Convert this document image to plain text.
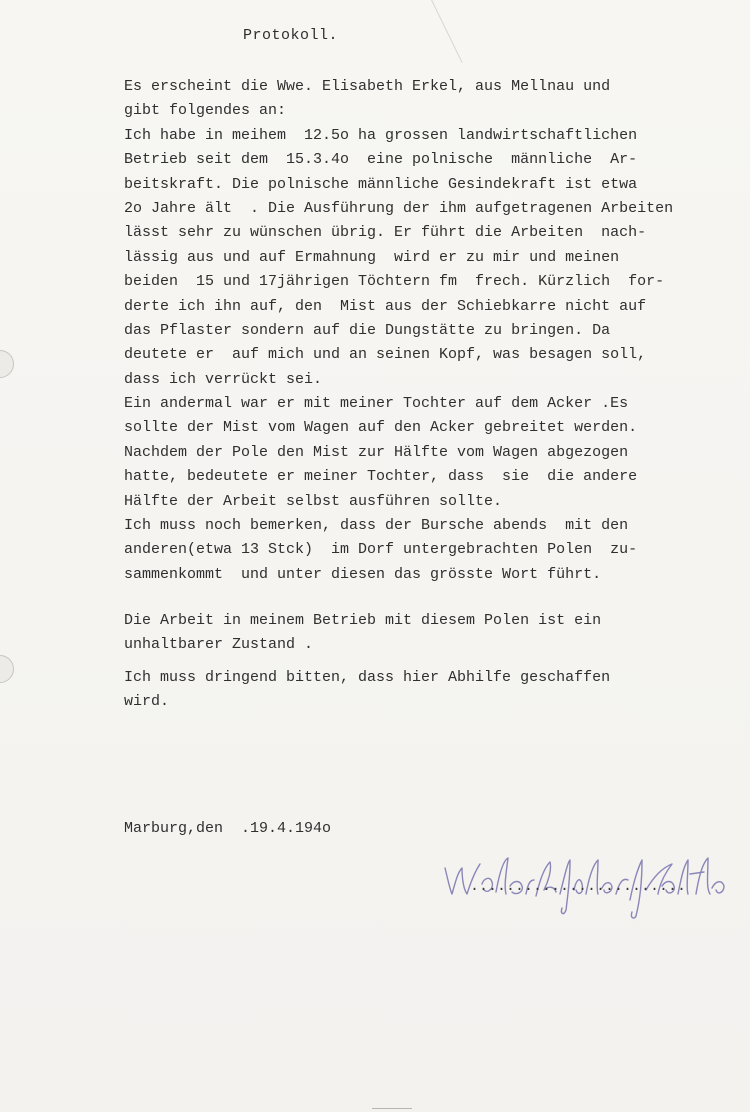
Protokoll.
Es erscheint die Wwe. Elisabeth Erkel, aus Mellnau und
gibt folgendes an:
Ich habe in meihem  12.5o ha grossen landwirtschaftlichen
Betrieb seit dem  15.3.4o  eine polnische  männliche  Ar-
beitskraft. Die polnische männliche Gesindekraft ist etwa
2o Jahre ält  . Die Ausführung der ihm aufgetragenen Arbeiten
lässt sehr zu wünschen übrig. Er führt die Arbeiten  nach-
lässig aus und auf Ermahnung  wird er zu mir und meinen
beiden  15 und 17jährigen Töchtern fm  frech. Kürzlich  for-
derte ich ihn auf, den  Mist aus der Schiebkarre nicht auf
das Pflaster sondern auf die Dungstätte zu bringen. Da
deutete er  auf mich und an seinen Kopf, was besagen soll,
dass ich verrückt sei.
Ein andermal war er mit meiner Tochter auf dem Acker .Es
sollte der Mist vom Wagen auf den Acker gebreitet werden.
Nachdem der Pole den Mist zur Hälfte vom Wagen abgezogen
hatte, bedeutete er meiner Tochter, dass  sie  die andere
Hälfte der Arbeit selbst ausführen sollte.
Ich muss noch bemerken, dass der Bursche abends  mit den
anderen(etwa 13 Stck)  im Dorf untergebrachten Polen  zu-
sammenkommt  und unter diesen das grösste Wort führt.
Die Arbeit in meinem Betrieb mit diesem Polen ist ein
unhaltbarer Zustand .
Ich muss dringend bitten, dass hier Abhilfe geschaffen
wird.
Marburg,den  .19.4.194o
........................
